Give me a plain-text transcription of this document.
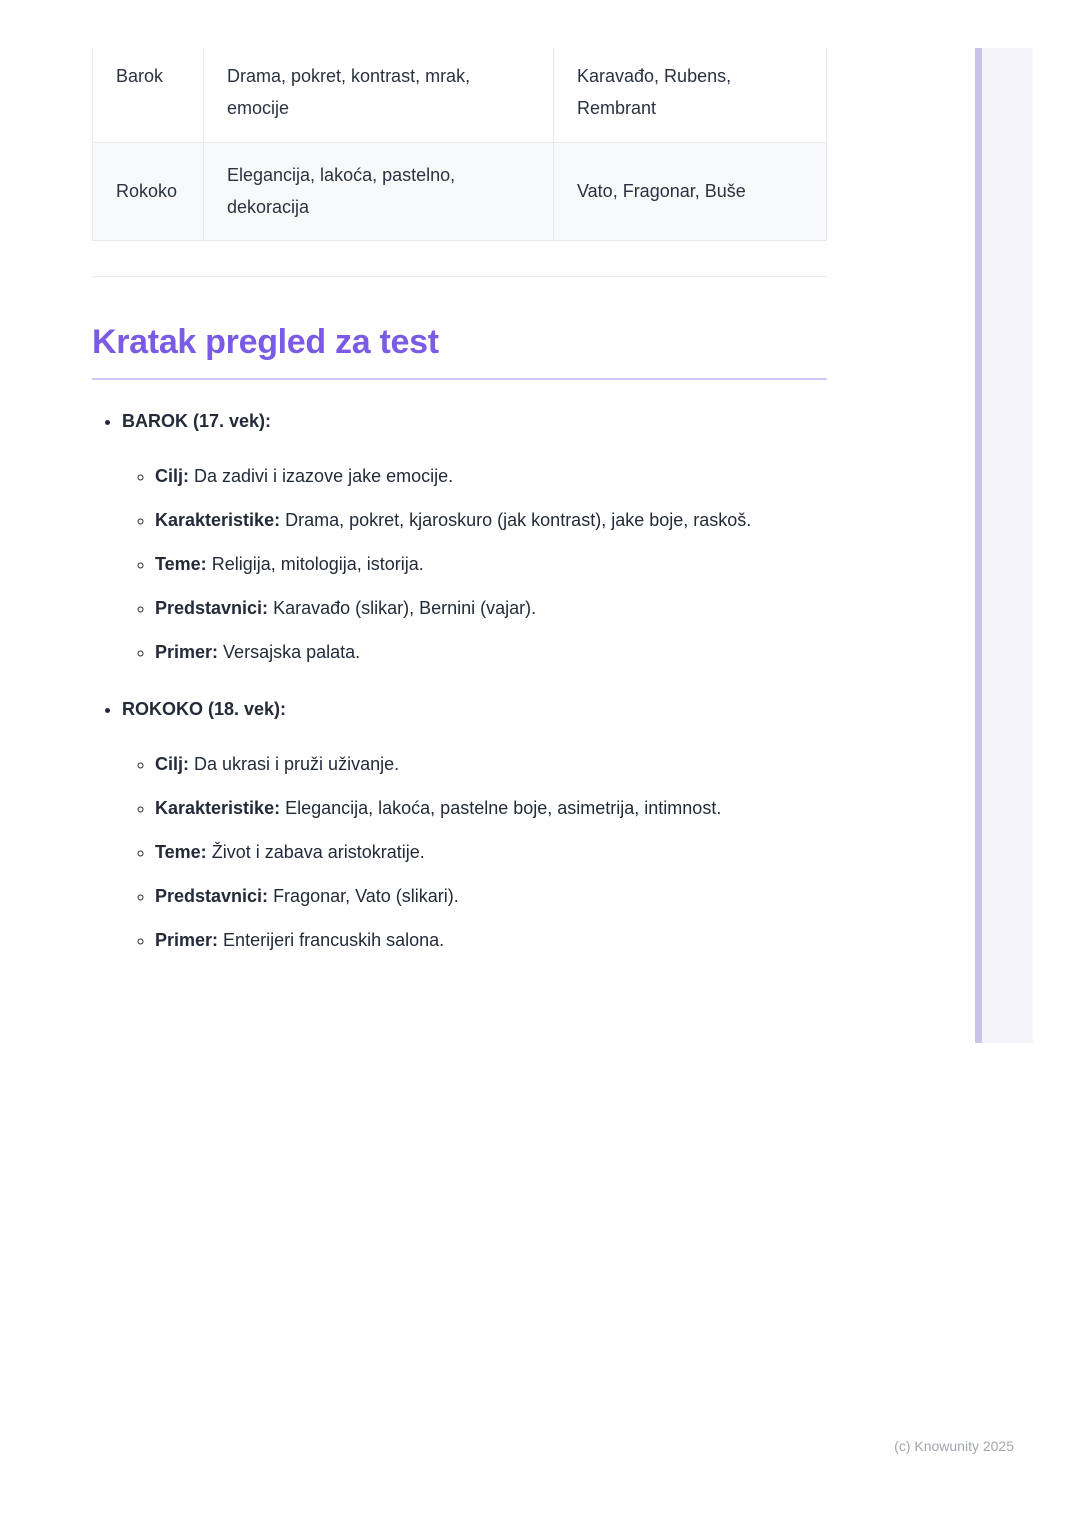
Barok	Drama, pokret, kontrast, mrak, emocije	Karavađo, Rubens, Rembrant
Rokoko	Elegancija, lakoća, pastelno, dekoracija	Vato, Fragonar, Buše
Kratak pregled za test
• BAROK (17. vek):
◦ Cilj: Da zadivi i izazove jake emocije.
◦ Karakteristike: Drama, pokret, kjaroskuro (jak kontrast), jake boje, raskoš.
◦ Teme: Religija, mitologija, istorija.
◦ Predstavnici: Karavađo (slikar), Bernini (vajar).
◦ Primer: Versajska palata.
• ROKOKO (18. vek):
◦ Cilj: Da ukrasi i pruži uživanje.
◦ Karakteristike: Elegancija, lakoća, pastelne boje, asimetrija, intimnost.
◦ Teme: Život i zabava aristokratije.
◦ Predstavnici: Fragonar, Vato (slikari).
◦ Primer: Enterijeri francuskih salona.
(c) Knowunity 2025
